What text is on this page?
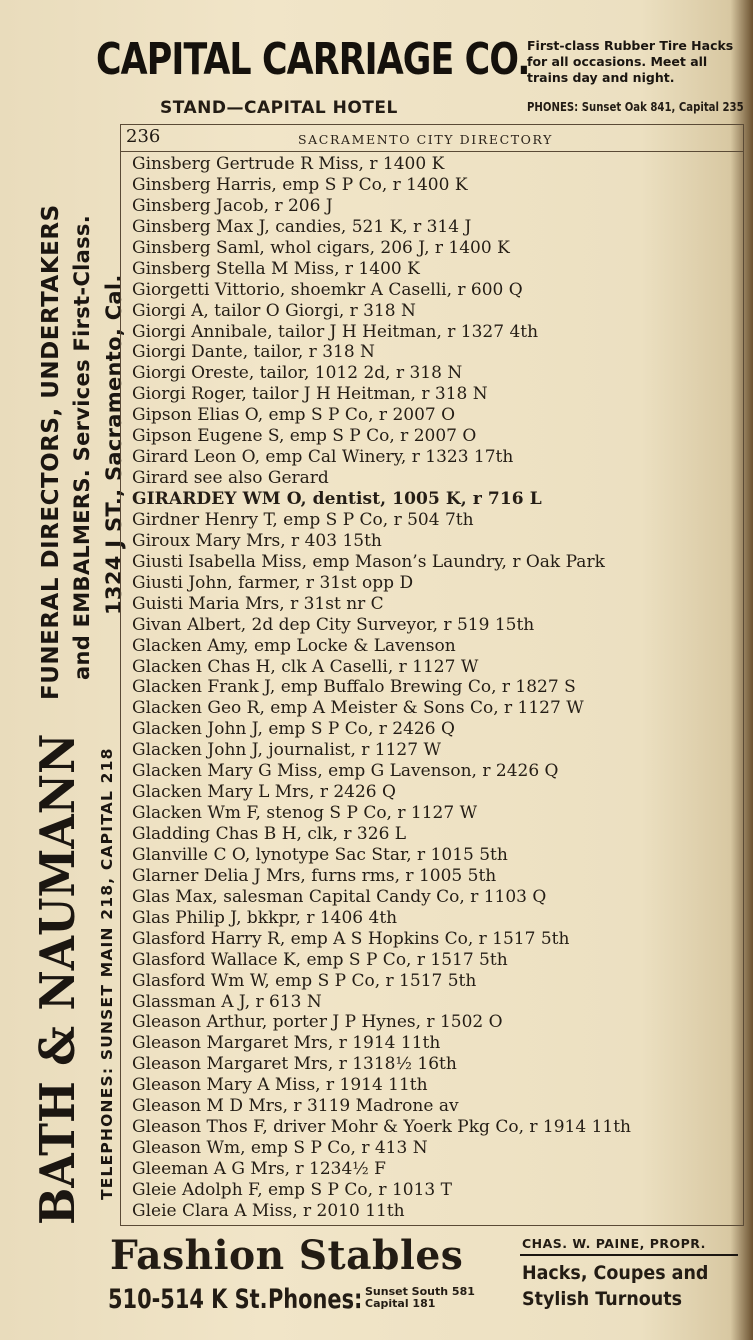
CAPITAL CARRIAGE CO.
First-class Rubber Tire Hacks
for all occasions. Meet all
trains day and night.
STAND—CAPITAL HOTEL	PHONES: Sunset Oak 841, Capital 235
FUNERAL DIRECTORS, UNDERTAKERS and EMBALMERS. Services First-Class. 1324 J ST., Sacramento, Cal.
BATH & NAUMANN TELEPHONES: SUNSET MAIN 218, CAPITAL 218
236	SACRAMENTO CITY DIRECTORY
Ginsberg Gertrude R Miss, r 1400 K
Ginsberg Harris, emp S P Co, r 1400 K
Ginsberg Jacob, r 206 J
Ginsberg Max J, candies, 521 K, r 314 J
Ginsberg Saml, whol cigars, 206 J, r 1400 K
Ginsberg Stella M Miss, r 1400 K
Giorgetti Vittorio, shoemkr A Caselli, r 600 Q
Giorgi A, tailor O Giorgi, r 318 N
Giorgi Annibale, tailor J H Heitman, r 1327 4th
Giorgi Dante, tailor, r 318 N
Giorgi Oreste, tailor, 1012 2d, r 318 N
Giorgi Roger, tailor J H Heitman, r 318 N
Gipson Elias O, emp S P Co, r 2007 O
Gipson Eugene S, emp S P Co, r 2007 O
Girard Leon O, emp Cal Winery, r 1323 17th
Girard see also Gerard
GIRARDEY WM O, dentist, 1005 K, r 716 L
Girdner Henry T, emp S P Co, r 504 7th
Giroux Mary Mrs, r 403 15th
Giusti Isabella Miss, emp Mason’s Laundry, r Oak Park
Giusti John, farmer, r 31st opp D
Guisti Maria Mrs, r 31st nr C
Givan Albert, 2d dep City Surveyor, r 519 15th
Glacken Amy, emp Locke & Lavenson
Glacken Chas H, clk A Caselli, r 1127 W
Glacken Frank J, emp Buffalo Brewing Co, r 1827 S
Glacken Geo R, emp A Meister & Sons Co, r 1127 W
Glacken John J, emp S P Co, r 2426 Q
Glacken John J, journalist, r 1127 W
Glacken Mary G Miss, emp G Lavenson, r 2426 Q
Glacken Mary L Mrs, r 2426 Q
Glacken Wm F, stenog S P Co, r 1127 W
Gladding Chas B H, clk, r 326 L
Glanville C O, lynotype Sac Star, r 1015 5th
Glarner Delia J Mrs, furns rms, r 1005 5th
Glas Max, salesman Capital Candy Co, r 1103 Q
Glas Philip J, bkkpr, r 1406 4th
Glasford Harry R, emp A S Hopkins Co, r 1517 5th
Glasford Wallace K, emp S P Co, r 1517 5th
Glasford Wm W, emp S P Co, r 1517 5th
Glassman A J, r 613 N
Gleason Arthur, porter J P Hynes, r 1502 O
Gleason Margaret Mrs, r 1914 11th
Gleason Margaret Mrs, r 1318½ 16th
Gleason Mary A Miss, r 1914 11th
Gleason M D Mrs, r 3119 Madrone av
Gleason Thos F, driver Mohr & Yoerk Pkg Co, r 1914 11th
Gleason Wm, emp S P Co, r 413 N
Gleeman A G Mrs, r 1234½ F
Gleie Adolph F, emp S P Co, r 1013 T
Gleie Clara A Miss, r 2010 11th
Fashion Stables
510-514 K St. Phones: Sunset South 581
Capital 181
CHAS. W. PAINE, PROPR.
Hacks, Coupes and
Stylish Turnouts
